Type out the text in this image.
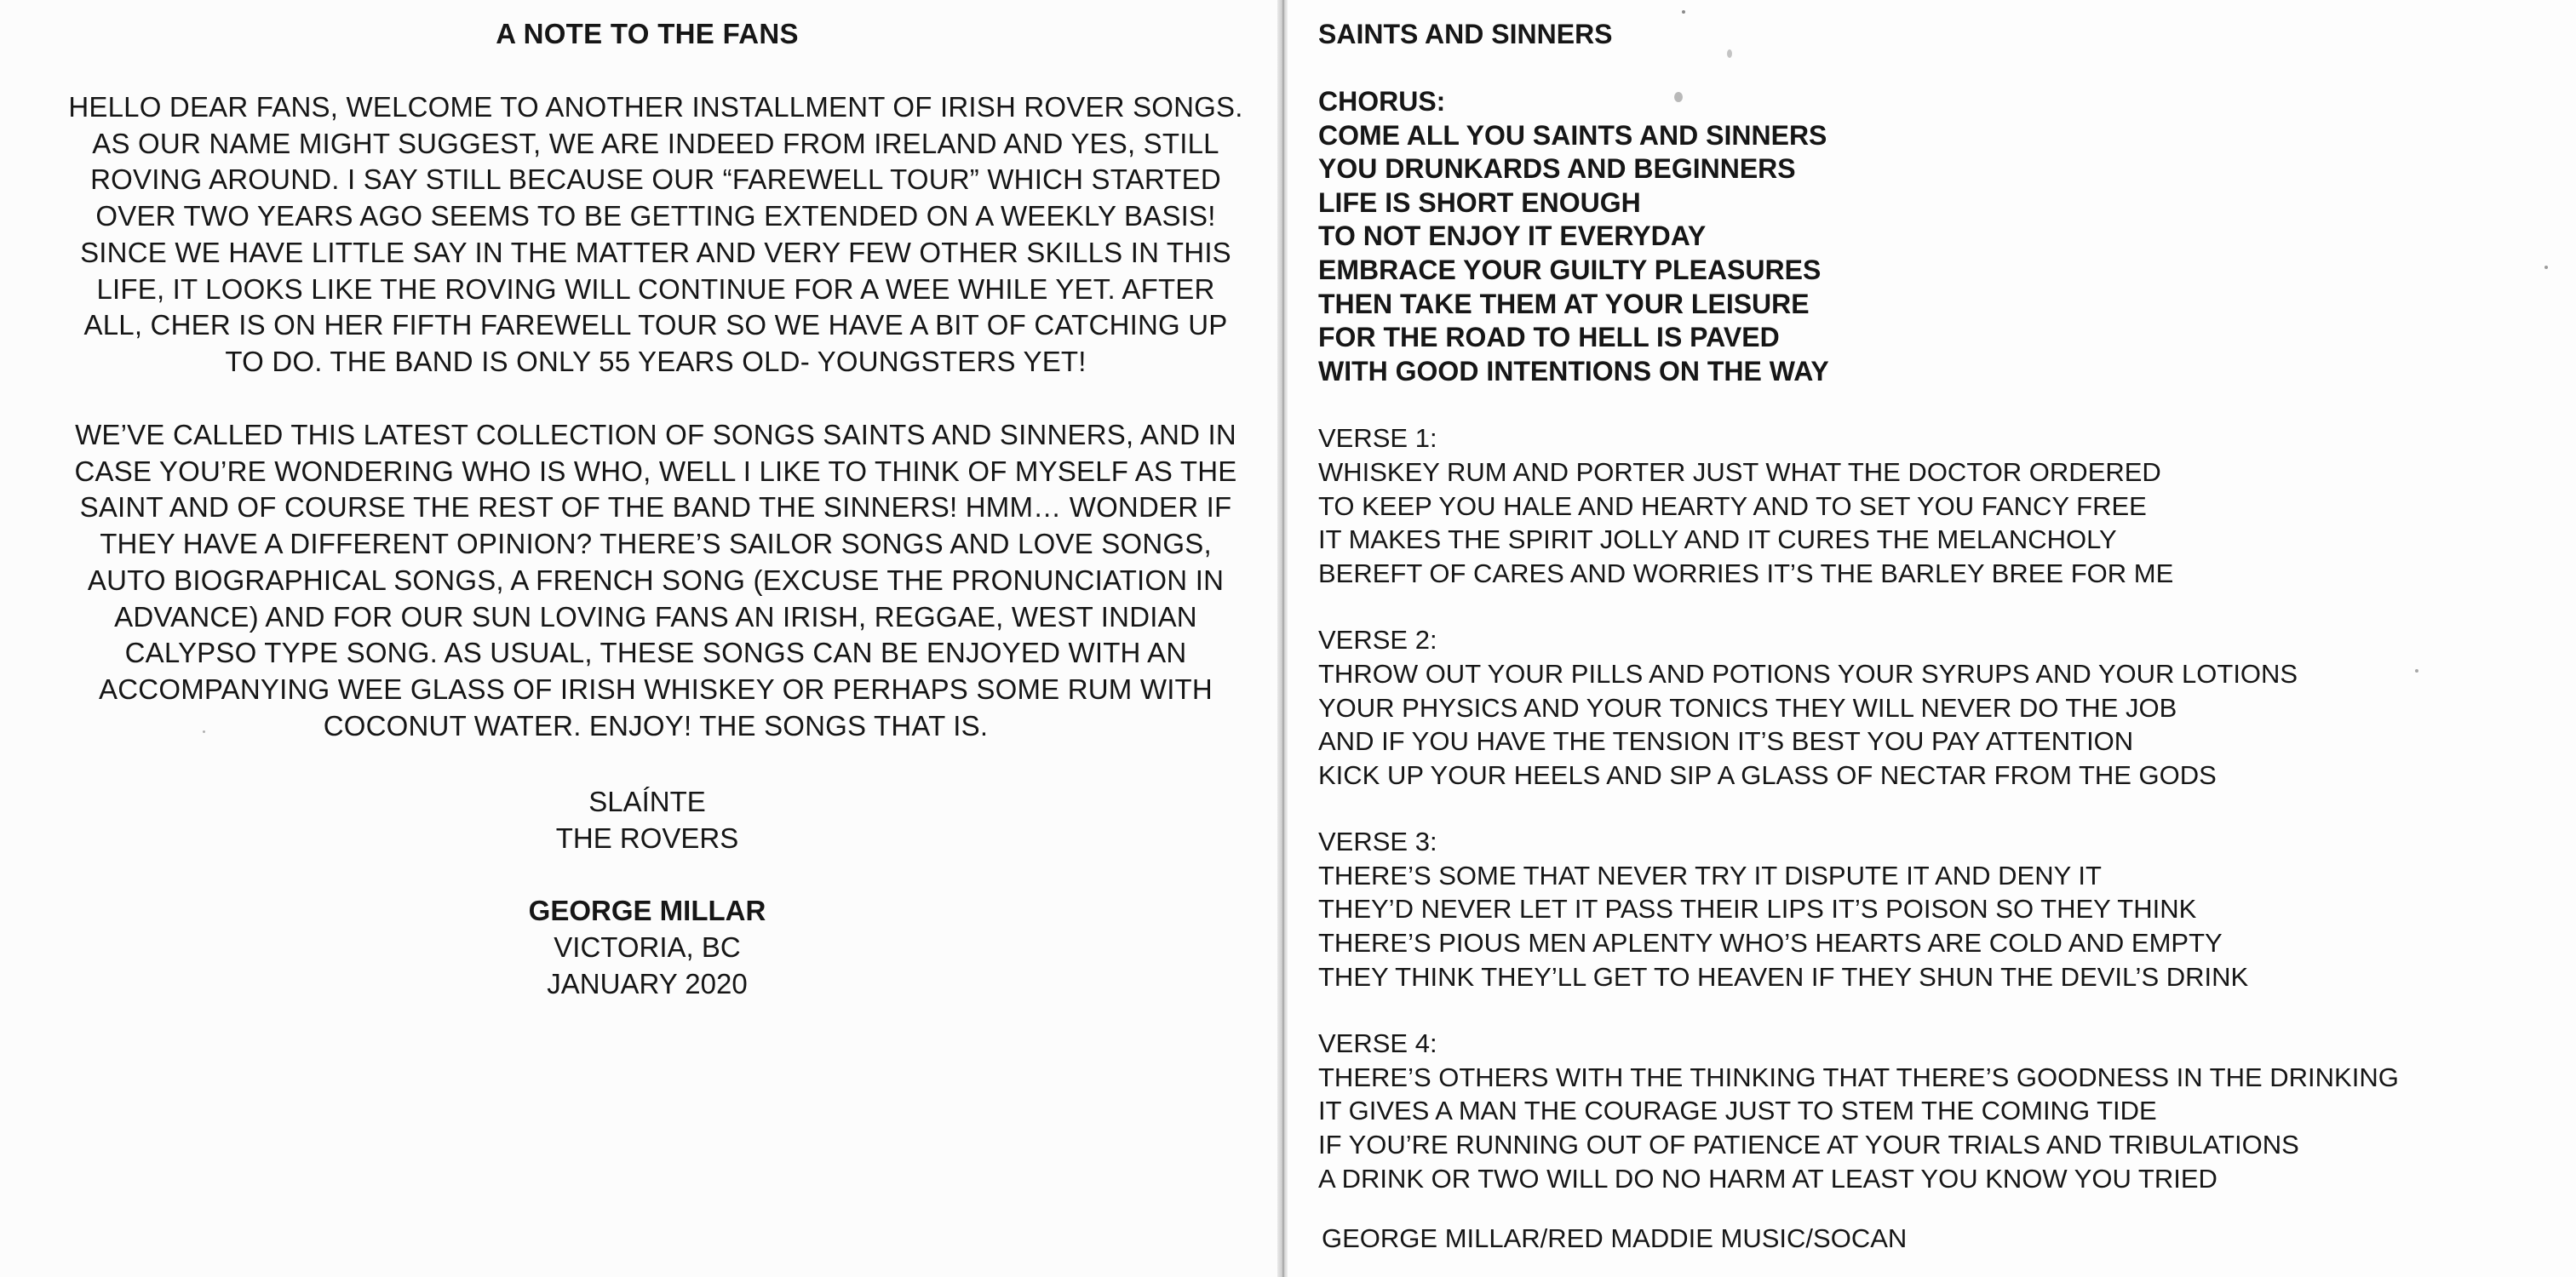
A NOTE TO THE FANS
HELLO DEAR FANS, WELCOME TO ANOTHER INSTALLMENT OF IRISH ROVER SONGS.
AS OUR NAME MIGHT SUGGEST, WE ARE INDEED FROM IRELAND AND YES, STILL
ROVING AROUND. I SAY STILL BECAUSE OUR “FAREWELL TOUR” WHICH STARTED
OVER TWO YEARS AGO SEEMS TO BE GETTING EXTENDED ON A WEEKLY BASIS!
SINCE WE HAVE LITTLE SAY IN THE MATTER AND VERY FEW OTHER SKILLS IN THIS
LIFE, IT LOOKS LIKE THE ROVING WILL CONTINUE FOR A WEE WHILE YET. AFTER
ALL, CHER IS ON HER FIFTH FAREWELL TOUR SO WE HAVE A BIT OF CATCHING UP
TO DO. THE BAND IS ONLY 55 YEARS OLD- YOUNGSTERS YET!
WE’VE CALLED THIS LATEST COLLECTION OF SONGS SAINTS AND SINNERS, AND IN
CASE YOU’RE WONDERING WHO IS WHO, WELL I LIKE TO THINK OF MYSELF AS THE
SAINT AND OF COURSE THE REST OF THE BAND THE SINNERS! HMM… WONDER IF
THEY HAVE A DIFFERENT OPINION? THERE’S SAILOR SONGS AND LOVE SONGS,
AUTO BIOGRAPHICAL SONGS, A FRENCH SONG (EXCUSE THE PRONUNCIATION IN
ADVANCE) AND FOR OUR SUN LOVING FANS AN IRISH, REGGAE, WEST INDIAN
CALYPSO TYPE SONG. AS USUAL, THESE SONGS CAN BE ENJOYED WITH AN
ACCOMPANYING WEE GLASS OF IRISH WHISKEY OR PERHAPS SOME RUM WITH
COCONUT WATER. ENJOY! THE SONGS THAT IS.
SLAÍNTE
THE ROVERS
GEORGE MILLAR
VICTORIA, BC
JANUARY 2020
SAINTS AND SINNERS
CHORUS:
COME ALL YOU SAINTS AND SINNERS
YOU DRUNKARDS AND BEGINNERS
LIFE IS SHORT ENOUGH
TO NOT ENJOY IT EVERYDAY
EMBRACE YOUR GUILTY PLEASURES
THEN TAKE THEM AT YOUR LEISURE
FOR THE ROAD TO HELL IS PAVED
WITH GOOD INTENTIONS ON THE WAY
VERSE 1:
WHISKEY RUM AND PORTER JUST WHAT THE DOCTOR ORDERED
TO KEEP YOU HALE AND HEARTY AND TO SET YOU FANCY FREE
IT MAKES THE SPIRIT JOLLY AND IT CURES THE MELANCHOLY
BEREFT OF CARES AND WORRIES IT’S THE BARLEY BREE FOR ME
VERSE 2:
THROW OUT YOUR PILLS AND POTIONS YOUR SYRUPS AND YOUR LOTIONS
YOUR PHYSICS AND YOUR TONICS THEY WILL NEVER DO THE JOB
AND IF YOU HAVE THE TENSION IT’S BEST YOU PAY ATTENTION
KICK UP YOUR HEELS AND SIP A GLASS OF NECTAR FROM THE GODS
VERSE 3:
THERE’S SOME THAT NEVER TRY IT DISPUTE IT AND DENY IT
THEY’D NEVER LET IT PASS THEIR LIPS IT’S POISON SO THEY THINK
THERE’S PIOUS MEN APLENTY WHO’S HEARTS ARE COLD AND EMPTY
THEY THINK THEY’LL GET TO HEAVEN IF THEY SHUN THE DEVIL’S DRINK
VERSE 4:
THERE’S OTHERS WITH THE THINKING THAT THERE’S GOODNESS IN THE DRINKING
IT GIVES A MAN THE COURAGE JUST TO STEM THE COMING TIDE
IF YOU’RE RUNNING OUT OF PATIENCE AT YOUR TRIALS AND TRIBULATIONS
A DRINK OR TWO WILL DO NO HARM AT LEAST YOU KNOW YOU TRIED
GEORGE MILLAR/RED MADDIE MUSIC/SOCAN
